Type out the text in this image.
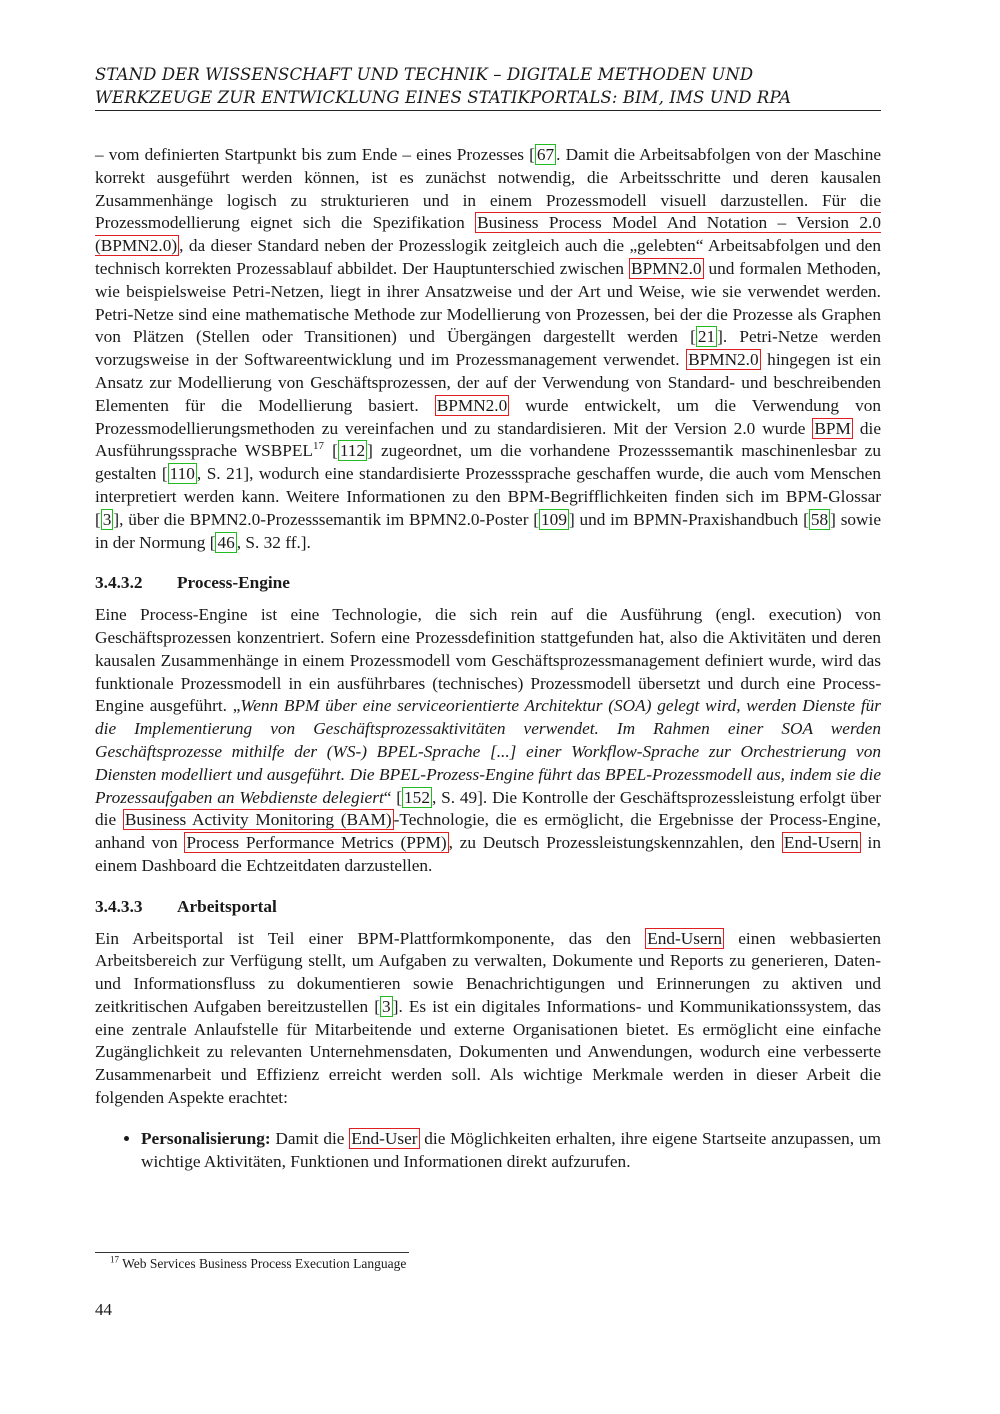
STAND DER WISSENSCHAFT UND TECHNIK – DIGITALE METHODEN UND
WERKZEUGE ZUR ENTWICKLUNG EINES STATIKPORTALS: BIM, IMS UND RPA

– vom definierten Startpunkt bis zum Ende – eines Prozesses [ 67 . Damit die Arbeitsabfolgen von der Maschine korrekt ausgeführt werden können, ist es zunächst notwendig, die Arbeitsschritte und deren kausalen Zusammenhänge logisch zu strukturieren und in einem Prozessmodell visuell darzustellen. Für die Prozessmodellierung eignet sich die Spezifikation Business Process Model And Notation – Version 2.0 (BPMN2.0) , da dieser Standard neben der Prozesslogik zeitgleich auch die „gelebten“ Arbeitsabfolgen und den technisch korrekten Prozessablauf abbildet. Der Hauptunterschied zwischen BPMN2.0 und formalen Methoden, wie beispielsweise Petri-Netzen, liegt in ihrer Ansatzweise und der Art und Weise, wie sie verwendet werden. Petri-Netze sind eine mathematische Methode zur Modellierung von Prozessen, bei der die Prozesse als Graphen von Plätzen (Stellen oder Transitionen) und Übergängen dargestellt werden [ 21 ]. Petri-Netze werden vorzugsweise in der Softwareentwicklung und im Prozessmanagement verwendet. BPMN2.0 hingegen ist ein Ansatz zur Modellierung von Geschäftsprozessen, der auf der Verwendung von Standard- und beschreibenden Elementen für die Modellierung basiert. BPMN2.0 wurde entwickelt, um die Verwendung von Prozessmodellierungsmethoden zu vereinfachen und zu standardisieren. Mit der Version 2.0 wurde BPM die Ausführungssprache WSBPEL$^{17}$ [ 112 ] zugeordnet, um die vorhandene Prozesssemantik maschinenlesbar zu gestalten [ 110 , S. 21], wodurch eine standardisierte Prozesssprache geschaffen wurde, die auch vom Menschen interpretiert werden kann. Weitere Informationen zu den BPM-Begrifflichkeiten finden sich im BPM-Glossar [ 3 ], über die BPMN2.0-Prozesssemantik im BPMN2.0-Poster [ 109 ] und im BPMN-Praxishandbuch [ 58 ] sowie in der Normung [ 46 , S. 32 ff.].

3.4.3.2 Process-Engine

Eine Process-Engine ist eine Technologie, die sich rein auf die Ausführung (engl. execution) von Geschäftsprozessen konzentriert. Sofern eine Prozessdefinition stattgefunden hat, also die Aktivitäten und deren kausalen Zusammenhänge in einem Prozessmodell vom Geschäftsprozessmanagement definiert wurde, wird das funktionale Prozessmodell in ein ausführbares (technisches) Prozessmodell übersetzt und durch eine Process-Engine ausgeführt. „Wenn BPM über eine serviceorientierte Architektur (SOA) gelegt wird, werden Dienste für die Implementierung von Geschäftsprozessaktivitäten verwendet. Im Rahmen einer SOA werden Geschäftsprozesse mithilfe der (WS-) BPEL-Sprache [...] einer Workflow-Sprache zur Orchestrierung von Diensten modelliert und ausgeführt. Die BPEL-Prozess-Engine führt das BPEL-Prozessmodell aus, indem sie die Prozessaufgaben an Webdienste delegiert“ [ 152 , S. 49]. Die Kontrolle der Geschäftsprozessleistung erfolgt über die Business Activity Monitoring (BAM) -Technologie, die es ermöglicht, die Ergebnisse der Process-Engine, anhand von Process Performance Metrics (PPM) , zu Deutsch Prozessleistungskennzahlen, den End-Usern in einem Dashboard die Echtzeitdaten darzustellen.

3.4.3.3 Arbeitsportal

Ein Arbeitsportal ist Teil einer BPM-Plattformkomponente, das den End-Usern einen webbasierten Arbeitsbereich zur Verfügung stellt, um Aufgaben zu verwalten, Dokumente und Reports zu generieren, Daten- und Informationsfluss zu dokumentieren sowie Benachrichtigungen und Erinnerungen zu aktiven und zeitkritischen Aufgaben bereitzustellen [ 3 ]. Es ist ein digitales Informations- und Kommunikationssystem, das eine zentrale Anlaufstelle für Mitarbeitende und externe Organisationen bietet. Es ermöglicht eine einfache Zugänglichkeit zu relevanten Unternehmensdaten, Dokumenten und Anwendungen, wodurch eine verbesserte Zusammenarbeit und Effizienz erreicht werden soll. Als wichtige Merkmale werden in dieser Arbeit die folgenden Aspekte erachtet:

• Personalisierung: Damit die End-User die Möglichkeiten erhalten, ihre eigene Startseite anzupassen, um wichtige Aktivitäten, Funktionen und Informationen direkt aufzurufen.
$^{17}$ Web Services Business Process Execution Language
44
